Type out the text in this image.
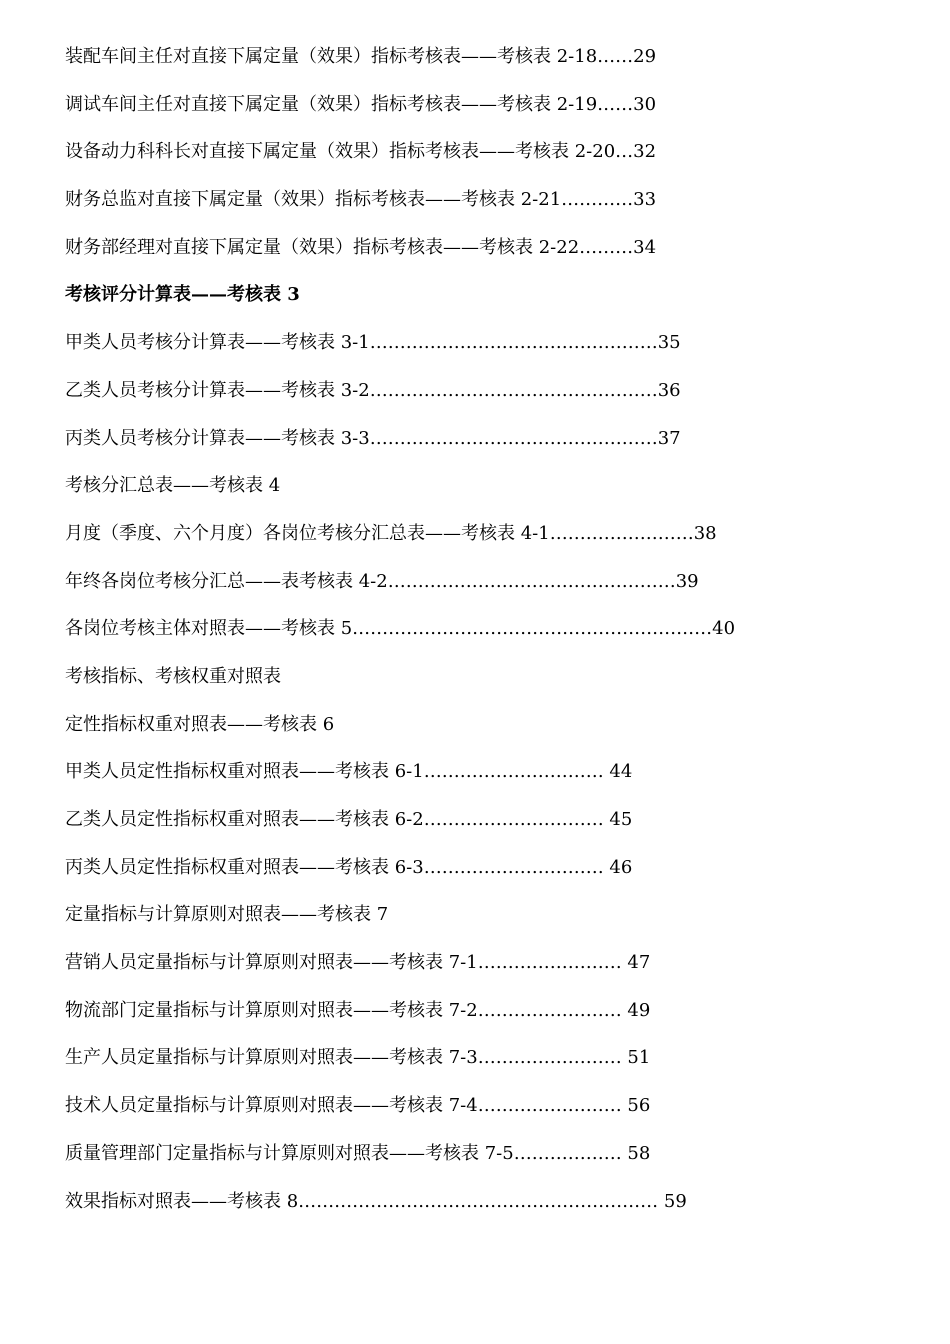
装配车间主任对直接下属定量（效果）指标考核表——考核表 2-18……29
调试车间主任对直接下属定量（效果）指标考核表——考核表 2-19……30
设备动力科科长对直接下属定量（效果）指标考核表——考核表 2-20…32
财务总监对直接下属定量（效果）指标考核表——考核表 2-21…………33
财务部经理对直接下属定量（效果）指标考核表——考核表 2-22………34
考核评分计算表——考核表 3
甲类人员考核分计算表——考核表 3-1…………………………………………35
乙类人员考核分计算表——考核表 3-2…………………………………………36
丙类人员考核分计算表——考核表 3-3…………………………………………37
考核分汇总表——考核表 4
月度（季度、六个月度）各岗位考核分汇总表——考核表 4-1……………………38
年终各岗位考核分汇总——表考核表 4-2…………………………………………39
各岗位考核主体对照表——考核表 5……………………………………………………40
考核指标、考核权重对照表
定性指标权重对照表——考核表 6
甲类人员定性指标权重对照表——考核表 6-1………………………… 44
乙类人员定性指标权重对照表——考核表 6-2………………………… 45
丙类人员定性指标权重对照表——考核表 6-3………………………… 46
定量指标与计算原则对照表——考核表 7
营销人员定量指标与计算原则对照表——考核表 7-1…………………… 47
物流部门定量指标与计算原则对照表——考核表 7-2…………………… 49
生产人员定量指标与计算原则对照表——考核表 7-3…………………… 51
技术人员定量指标与计算原则对照表——考核表 7-4…………………… 56
质量管理部门定量指标与计算原则对照表——考核表 7-5……………… 58
效果指标对照表——考核表 8…………………………………………………… 59
